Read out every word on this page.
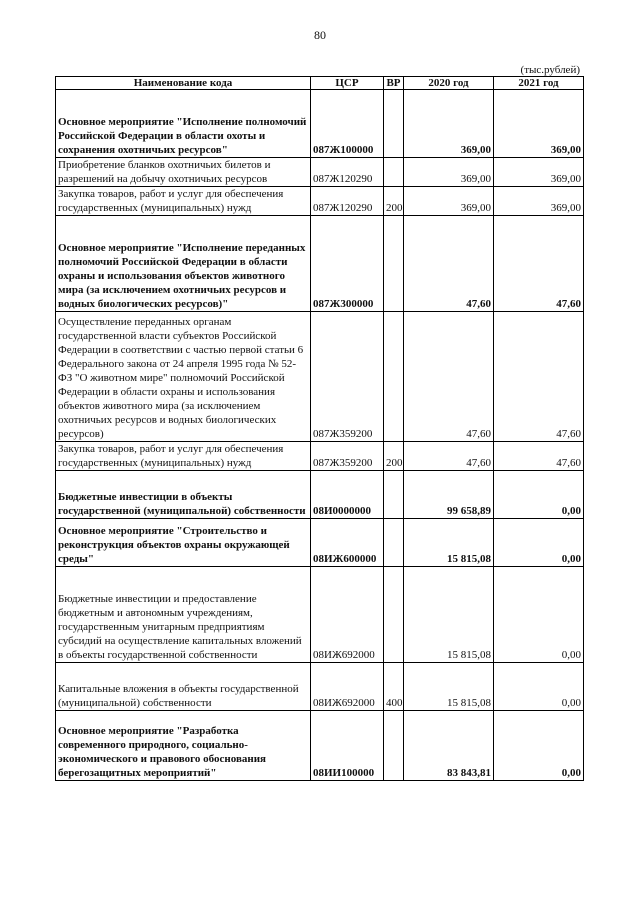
80
(тыс.рублей)
Наименование кода	ЦСР	ВР	2020 год	2021 год
Основное мероприятие "Исполнение полномочий Российской Федерации в области охоты и сохранения охотничьих ресурсов"	087Ж100000		369,00	369,00
Приобретение бланков охотничьих билетов и разрешений на добычу охотничьих ресурсов	087Ж120290		369,00	369,00
Закупка товаров, работ и услуг для обеспечения государственных (муниципальных) нужд	087Ж120290	200	369,00	369,00
Основное мероприятие "Исполнение переданных полномочий Российской Федерации в области охраны и использования объектов животного мира (за исключением охотничьих ресурсов и водных биологических ресурсов)"	087Ж300000		47,60	47,60
Осуществление переданных органам государственной власти субъектов Российской Федерации в соответствии с частью первой статьи 6 Федерального закона от 24 апреля 1995 года № 52-ФЗ "О животном мире" полномочий Российской Федерации в области охраны и использования объектов животного мира (за исключением охотничьих ресурсов и водных биологических ресурсов)	087Ж359200		47,60	47,60
Закупка товаров, работ и услуг для обеспечения государственных (муниципальных) нужд	087Ж359200	200	47,60	47,60
Бюджетные инвестиции в объекты государственной (муниципальной) собственности	08И0000000		99 658,89	0,00
Основное мероприятие "Строительство и реконструкция объектов охраны окружающей среды"	08ИЖ600000		15 815,08	0,00
Бюджетные инвестиции и предоставление бюджетным и автономным учреждениям, государственным унитарным предприятиям субсидий на осуществление капитальных вложений в объекты государственной собственности	08ИЖ692000		15 815,08	0,00
Капитальные вложения в объекты государственной (муниципальной) собственности	08ИЖ692000	400	15 815,08	0,00
Основное мероприятие "Разработка современного природного, социально-экономического и правового обоснования берегозащитных мероприятий"	08ИИ100000		83 843,81	0,00
